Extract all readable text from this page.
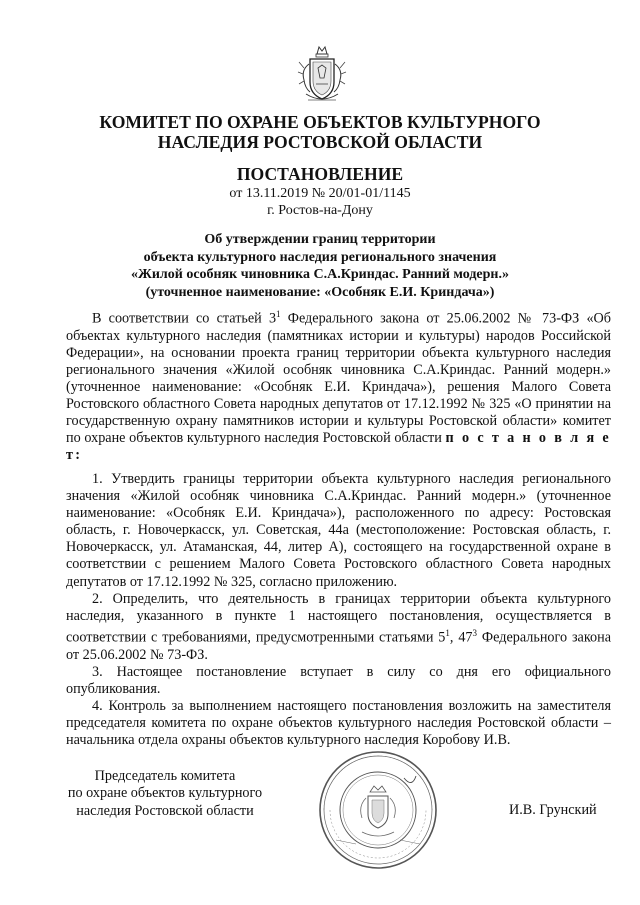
КОМИТЕТ ПО ОХРАНЕ ОБЪЕКТОВ КУЛЬТУРНОГО
НАСЛЕДИЯ РОСТОВСКОЙ ОБЛАСТИ
ПОСТАНОВЛЕНИЕ
от 13.11.2019 № 20/01-01/1145
г. Ростов-на-Дону
Об утверждении границ территории
объекта культурного наследия регионального значения
«Жилой особняк чиновника С.А.Криндас. Ранний модерн.»
(уточненное наименование: «Особняк Е.И. Криндача»)

В соответствии со статьей $3^1$ Федерального закона от 25.06.2002 № 73-ФЗ «Об объектах культурного наследия (памятниках истории и культуры) народов Российской Федерации», на основании проекта границ территории объекта культурного наследия регионального значения «Жилой особняк чиновника С.А.Криндас. Ранний модерн.» (уточненное наименование: «Особняк Е.И. Криндача»), решения Малого Совета Ростовского областного Совета народных депутатов от 17.12.1992 № 325 «О принятии на государственную охрану памятников истории и культуры Ростовской области» комитет по охране объектов культурного наследия Ростовской области п о с т а н о в л я е т:

1. Утвердить границы территории объекта культурного наследия регионального значения «Жилой особняк чиновника С.А.Криндас. Ранний модерн.» (уточненное наименование: «Особняк Е.И. Криндача»), расположенного по адресу: Ростовская область, г. Новочеркасск, ул. Советская, 44а (местоположение: Ростовская область, г. Новочеркасск, ул. Атаманская, 44, литер А), состоящего на государственной охране в соответствии с решением Малого Совета Ростовского областного Совета народных депутатов от 17.12.1992 № 325, согласно приложению.

2. Определить, что деятельность в границах территории объекта культурного наследия, указанного в пункте 1 настоящего постановления, осуществляется в соответствии с требованиями, предусмотренными статьями $5^1$, $47^3$ Федерального закона от 25.06.2002 № 73-ФЗ.

3. Настоящее постановление вступает в силу со дня его официального опубликования.

4. Контроль за выполнением настоящего постановления возложить на заместителя председателя комитета по охране объектов культурного наследия Ростовской области – начальника отдела охраны объектов культурного наследия Коробову И.В.

Председатель комитета
по охране объектов культурного
наследия Ростовской области	И.В. Грунский
